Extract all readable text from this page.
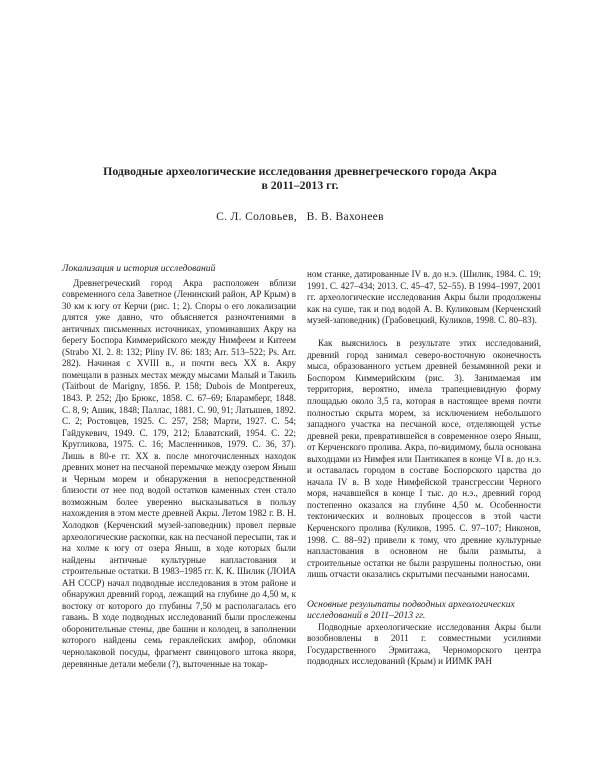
Подводные археологические исследования древнегреческого города Акра
в 2011–2013 гг.
С. Л. Соловьев,   В. В. Вахонеев
Локализация и история исследований

Древнегреческий город Акра расположен вблизи современного села Заветное (Ленинский район, АР Крым) в 30 км к югу от Керчи (рис. 1; 2). Споры о его локализации длятся уже давно, что объясняется разночтениями в античных письменных источниках, упоминавших Акру на берегу Боспора Киммерийского между Нимфеем и Китеем (Strabo XI. 2. 8: 132; Pliny IV. 86: 183; Arr. 513–522; Ps. Arr. 282). Начиная с XVIII в., и почти весь XX в. Акру помещали в разных местах между мысами Малый и Такиль (Taitbout de Marigny, 1856. P. 158; Dubois de Montpereux, 1843. P. 252; Дю Брюкс, 1858. С. 67–69; Бларамберг, 1848. С. 8, 9; Ашик, 1848; Паллас, 1881. С. 90, 91; Латышев, 1892. С. 2; Ростовцев, 1925. С. 257, 258; Марти, 1927. С. 54; Гайдукевич, 1949. С. 179, 212; Блаватский, 1954. С. 22; Кругликова, 1975. С. 16; Масленников, 1979. С. 36, 37). Лишь в 80-е гг. XX в. после многочисленных находок древних монет на песчаной перемычке между озером Яныш и Черным морем и обнаружения в непосредственной близости от нее под водой остатков каменных стен стало возможным более уверенно высказываться в пользу нахождения в этом месте древней Акры. Летом 1982 г. В. Н. Холодков (Керченский музей-заповедник) провел первые археологические раскопки, как на песчаной пересыпи, так и на холме к югу от озера Яныш, в ходе которых были найдены античные культурные напластования и строительные остатки. В 1983–1985 гг. К. К. Шилик (ЛОИА АН СССР) начал подводные исследования в этом районе и обнаружил древний город, лежащий на глубине до 4,50 м, к востоку от которого до глубины 7,50 м располагалась его гавань. В ходе подводных исследований были прослежены оборонительные стены, две башни и колодец, в заполнении которого найдены семь гераклейских амфор, обломки чернолаковой посуды, фрагмент свинцового штока якоря, деревянные детали мебели (?), выточенные на токар-

ном станке, датированные IV в. до н.э. (Шилик, 1984. С. 19; 1991. С. 427–434; 2013. С. 45–47, 52–55). В 1994–1997, 2001 гг. археологические исследования Акры были продолжены как на суше, так и под водой А. В. Куликовым (Керченский музей-заповедник) (Грабовецкий, Куликов, 1998. С. 80–83).

Как выяснилось в результате этих исследований, древний город занимал северо-восточную оконечность мыса, образованного устьем древней безымянной реки и Боспором Киммерийским (рис. 3). Занимаемая им территория, вероятно, имела трапециевидную форму площадью около 3,5 га, которая в настоящее время почти полностью скрыта морем, за исключением небольшого западного участка на песчаной косе, отделяющей устье древней реки, превратившейся в современное озеро Яныш, от Керченского пролива. Акра, по-видимому, была основана выходцами из Нимфея или Пантикапея в конце VI в. до н.э. и оставалась городом в составе Боспорского царства до начала IV в. В ходе Нимфейской трансгрессии Черного моря, начавшейся в конце I тыс. до н.э., древний город постепенно оказался на глубине 4,50 м. Особенности тектонических и волновых процессов в этой части Керченского пролива (Куликов, 1995. С. 97–107; Никонов, 1998. С. 88–92) привели к тому, что древние культурные напластования в основном не были размыты, а строительные остатки не были разрушены полностью, они лишь отчасти оказались скрытыми песчаными наносами.

Основные результаты подводных археологических исследований в 2011–2013 гг.

Подводные археологические исследования Акры были возобновлены в 2011 г. совместными усилиями Государственного Эрмитажа, Черноморского центра подводных исследований (Крым) и ИИМК РАН
